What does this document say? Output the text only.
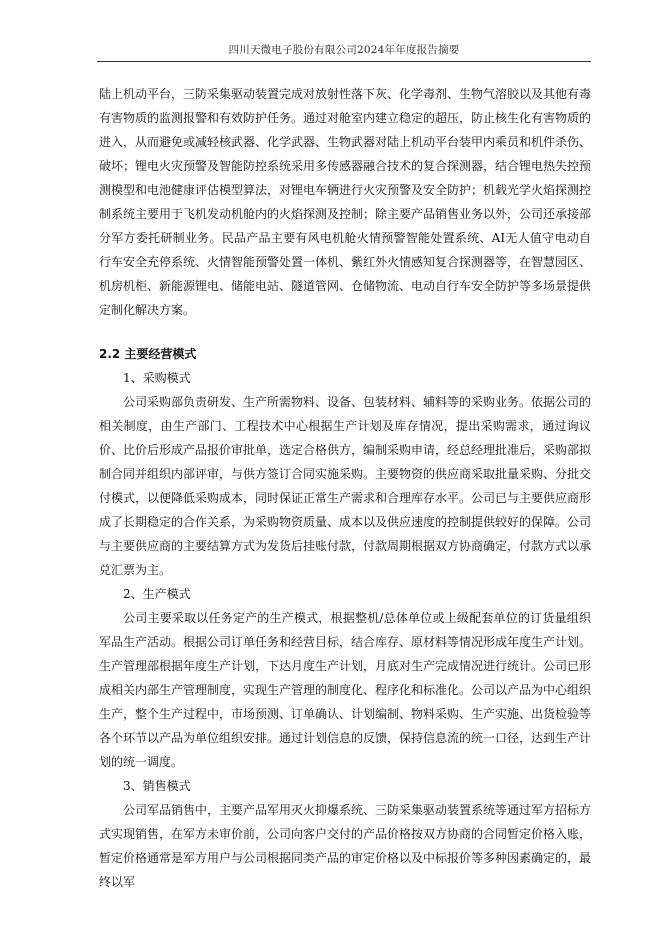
四川天微电子股份有限公司2024年年度报告摘要

陆上机动平台，三防采集驱动装置完成对放射性落下灰、化学毒剂、生物气溶胶以及其他有毒有害物质的监测报警和有效防护任务。通过对舱室内建立稳定的超压，防止核生化有害物质的进入，从而避免或减轻核武器、化学武器、生物武器对陆上机动平台装甲内乘员和机件杀伤、破坏；锂电火灾预警及智能防控系统采用多传感器融合技术的复合探测器，结合锂电热失控预测模型和电池健康评估模型算法，对锂电车辆进行火灾预警及安全防护；机载光学火焰探测控制系统主要用于飞机发动机舱内的火焰探测及控制；除主要产品销售业务以外，公司还承接部分军方委托研制业务。民品产品主要有风电机舱火情预警智能处置系统、AI无人值守电动自行车安全充停系统、火情智能预警处置一体机、紫红外火情感知复合探测器等，在智慧园区、机房机柜、新能源锂电、储能电站、隧道管网、仓储物流、电动自行车安全防护等多场景提供定制化解决方案。

2.2 主要经营模式

1、采购模式

公司采购部负责研发、生产所需物料、设备、包装材料、辅料等的采购业务。依据公司的相关制度，由生产部门、工程技术中心根据生产计划及库存情况，提出采购需求，通过询议价、比价后形成产品报价审批单，选定合格供方，编制采购申请，经总经理批准后，采购部拟制合同并组织内部评审，与供方签订合同实施采购。主要物资的供应商采取批量采购、分批交付模式，以便降低采购成本，同时保证正常生产需求和合理库存水平。公司已与主要供应商形成了长期稳定的合作关系，为采购物资质量、成本以及供应速度的控制提供较好的保障。公司与主要供应商的主要结算方式为发货后挂账付款，付款周期根据双方协商确定，付款方式以承兑汇票为主。

2、生产模式

公司主要采取以任务定产的生产模式，根据整机/总体单位或上级配套单位的订货量组织军品生产活动。根据公司订单任务和经营目标，结合库存、原材料等情况形成年度生产计划。生产管理部根据年度生产计划，下达月度生产计划，月底对生产完成情况进行统计。公司已形成相关内部生产管理制度，实现生产管理的制度化、程序化和标准化。公司以产品为中心组织生产，整个生产过程中，市场预测、订单确认、计划编制、物料采购、生产实施、出货检验等各个环节以产品为单位组织安排。通过计划信息的反馈，保持信息流的统一口径，达到生产计划的统一调度。

3、销售模式

公司军品销售中，主要产品军用灭火抑爆系统、三防采集驱动装置系统等通过军方招标方式实现销售，在军方未审价前，公司向客户交付的产品价格按双方协商的合同暂定价格入账，暂定价格通常是军方用户与公司根据同类产品的审定价格以及中标报价等多种因素确定的，最终以军
